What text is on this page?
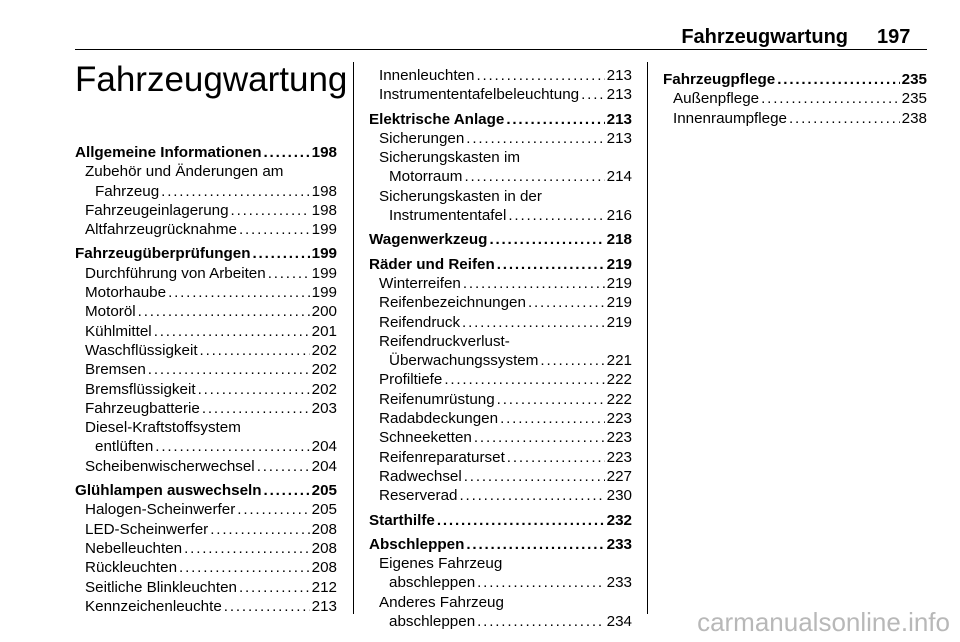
Fahrzeugwartung 197
Fahrzeugwartung
Allgemeine Informationen . . .	198
Zubehör und Änderungen am
Fahrzeug . . .	198
Fahrzeugeinlagerung . . .	198
Altfahrzeugrücknahme . . .	199
Fahrzeugüberprüfungen . . .	199
Durchführung von Arbeiten . . .	199
Motorhaube . . .	199
Motoröl . . .	200
Kühlmittel . . .	201
Waschflüssigkeit . . .	202
Bremsen . . .	202
Bremsflüssigkeit . . .	202
Fahrzeugbatterie . . .	203
Diesel-Kraftstoffsystem
entlüften . . .	204
Scheibenwischerwechsel . . .	204
Glühlampen auswechseln . . .	205
Halogen-Scheinwerfer . . .	205
LED-Scheinwerfer . . .	208
Nebelleuchten . . .	208
Rückleuchten . . .	208
Seitliche Blinkleuchten . . .	212
Kennzeichenleuchte . . .	213
Innenleuchten . . .	213
Instrumententafelbeleuchtung . . . 213
Elektrische Anlage . . .	213
Sicherungen . . .	213
Sicherungskasten im
Motorraum . . .	214
Sicherungskasten in der
Instrumententafel . . .	216
Wagenwerkzeug . . .	218
Räder und Reifen . . .	219
Winterreifen . . .	219
Reifenbezeichnungen . . .	219
Reifendruck . . .	219
Reifendruckverlust-
Überwachungssystem . . .	221
Profiltiefe . . .	222
Reifenumrüstung . . .	222
Radabdeckungen . . .	223
Schneeketten . . .	223
Reifenreparaturset . . .	223
Radwechsel . . .	227
Reserverad . . .	230
Starthilfe . . .	232
Abschleppen . . .	233
Eigenes Fahrzeug
abschleppen . . .	233
Anderes Fahrzeug
abschleppen . . .	234
Fahrzeugpflege . . .	235
Außenpflege . . .	235
Innenraumpflege . . .	238
carmanualsonline.info
